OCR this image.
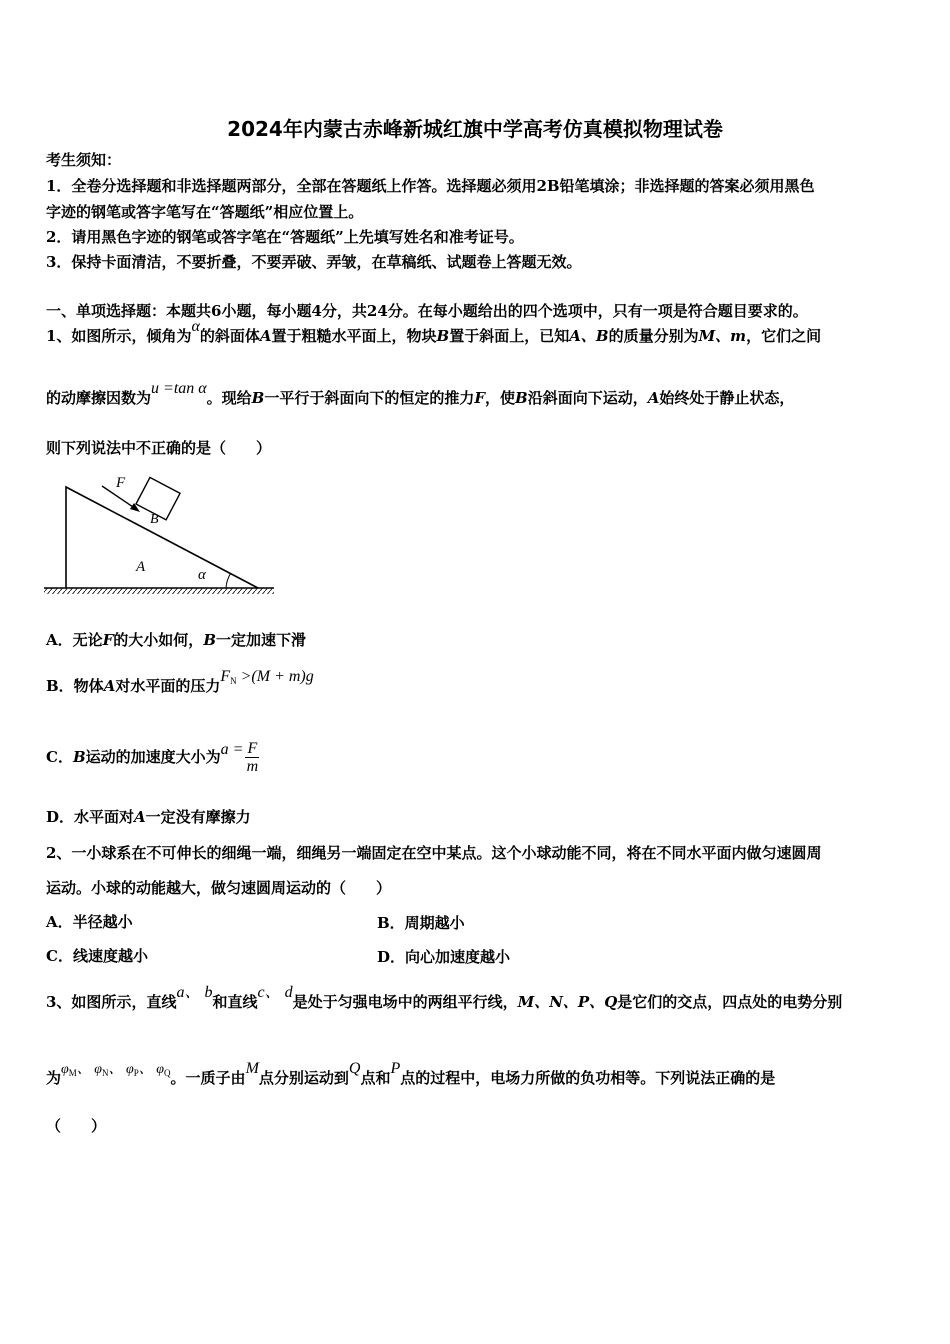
2024年内蒙古赤峰新城红旗中学高考仿真模拟物理试卷
考生须知：
1．全卷分选择题和非选择题两部分，全部在答题纸上作答。选择题必须用2B铅笔填涂；非选择题的答案必须用黑色
字迹的钢笔或答字笔写在“答题纸”相应位置上。
2．请用黑色字迹的钢笔或答字笔在“答题纸”上先填写姓名和准考证号。
3．保持卡面清洁，不要折叠，不要弄破、弄皱，在草稿纸、试题卷上答题无效。
一、单项选择题：本题共6小题，每小题4分，共24分。在每小题给出的四个选项中，只有一项是符合题目要求的。
1、如图所示，倾角为α的斜面体A置于粗糙水平面上，物块B置于斜面上，已知A、B的质量分别为M、m，它们之间
的动摩擦因数为u =tan α。现给B一平行于斜面向下的恒定的推力F，使B沿斜面向下运动，A始终处于静止状态，
则下列说法中不正确的是（　　）
F
B
A	α
A．无论F的大小如何，B一定加速下滑
B．物体A对水平面的压力$F_N >(M + m)g$
C．B运动的加速度大小为$a = \frac{F}{m}$
D．水平面对A一定没有摩擦力
2、一小球系在不可伸长的细绳一端，细绳另一端固定在空中某点。这个小球动能不同，将在不同水平面内做匀速圆周
运动。小球的动能越大，做匀速圆周运动的（　　）
A．半径越小	B．周期越小
C．线速度越小	D．向心加速度越小
3、如图所示，直线a、 b和直线c、 d是处于匀强电场中的两组平行线，M、N、P、Q是它们的交点，四点处的电势分别
为$\varphi_M$、 $\varphi_N$、 $\varphi_P$、 $\varphi_Q$。一质子由M点分别运动到Q点和P点的过程中，电场力所做的负功相等。下列说法正确的是
（　　）
